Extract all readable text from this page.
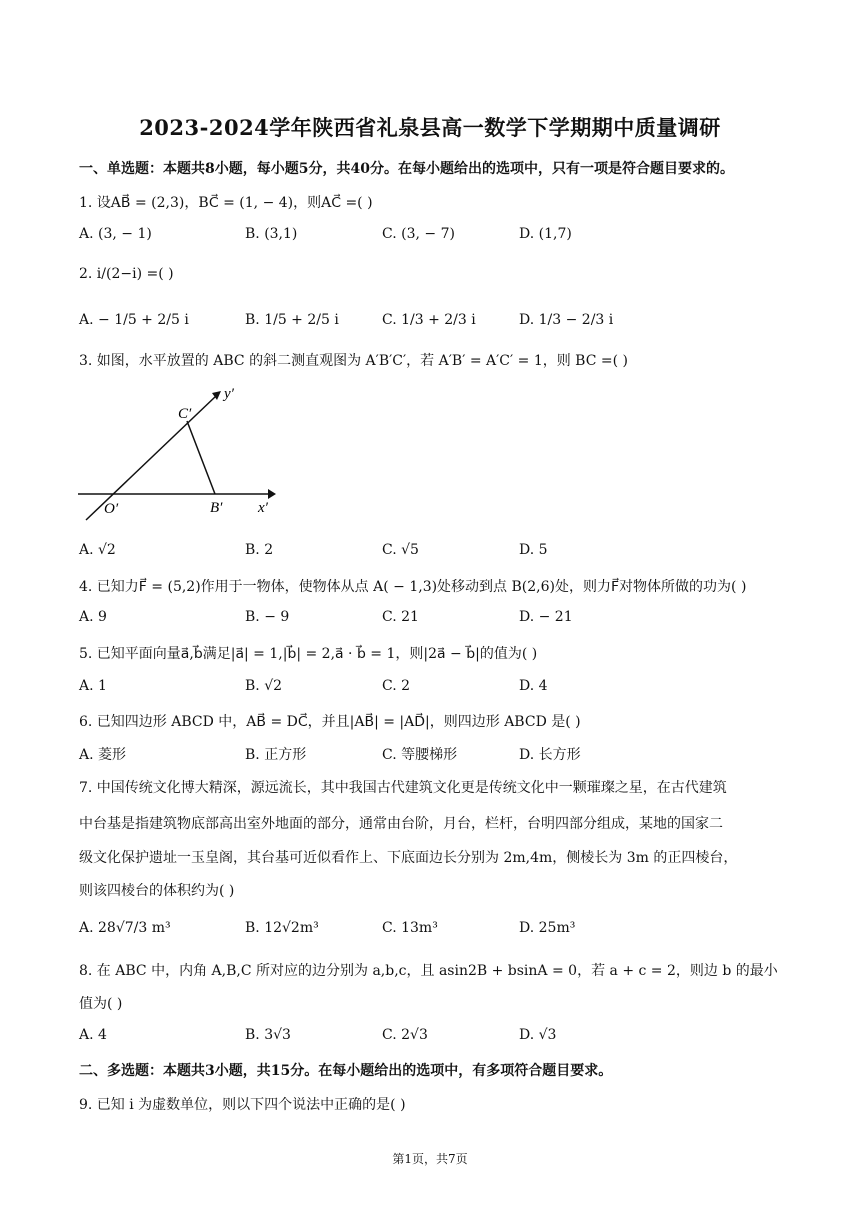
2023-2024学年陕西省礼泉县高一数学下学期期中质量调研
一、单选题：本题共8小题，每小题5分，共40分。在每小题给出的选项中，只有一项是符合题目要求的。
1. 设AB⃗ = (2,3)，BC⃗ = (1, − 4)，则AC⃗ =( )
A. (3, − 1)	B. (3,1)	C. (3, − 7)	D. (1,7)
2. i/(2−i) =( )
A. − 1/5 + 2/5 i	B. 1/5 + 2/5 i	C. 1/3 + 2/3 i	D. 1/3 − 2/3 i
3. 如图，水平放置的 ABC 的斜二测直观图为 A′B′C′，若 A′B′ = A′C′ = 1，则 BC =( )
C′
O′	B′ x′
y′
A. √2	B. 2	C. √5	D. 5
4. 已知力F⃗ = (5,2)作用于一物体，使物体从点 A( − 1,3)处移动到点 B(2,6)处，则力F⃗对物体所做的功为( )
A. 9	B. − 9	C. 21	D. − 21
5. 已知平面向量a⃗,b⃗满足|a⃗| = 1,|b⃗| = 2,a⃗ · b⃗ = 1，则|2a⃗ − b⃗|的值为( )
A. 1	B. √2	C. 2	D. 4
6. 已知四边形 ABCD 中，AB⃗ = DC⃗，并且|AB⃗| = |AD⃗|，则四边形 ABCD 是( )
A. 菱形	B. 正方形	C. 等腰梯形	D. 长方形
7. 中国传统文化博大精深，源远流长，其中我国古代建筑文化更是传统文化中一颗璀璨之星，在古代建筑
中台基是指建筑物底部高出室外地面的部分，通常由台阶，月台，栏杆，台明四部分组成，某地的国家二
级文化保护遗址一玉皇阁，其台基可近似看作上、下底面边长分别为 2m,4m，侧棱长为 3m 的正四棱台，
则该四棱台的体积约为( )
A. 28√7/3 m³	B. 12√2m³	C. 13m³	D. 25m³
8. 在 ABC 中，内角 A,B,C 所对应的边分别为 a,b,c，且 asin2B + bsinA = 0，若 a + c = 2，则边 b 的最小
值为( )
A. 4	B. 3√3	C. 2√3	D. √3
二、多选题：本题共3小题，共15分。在每小题给出的选项中，有多项符合题目要求。
9. 已知 i 为虚数单位，则以下四个说法中正确的是( )
第1页，共7页
